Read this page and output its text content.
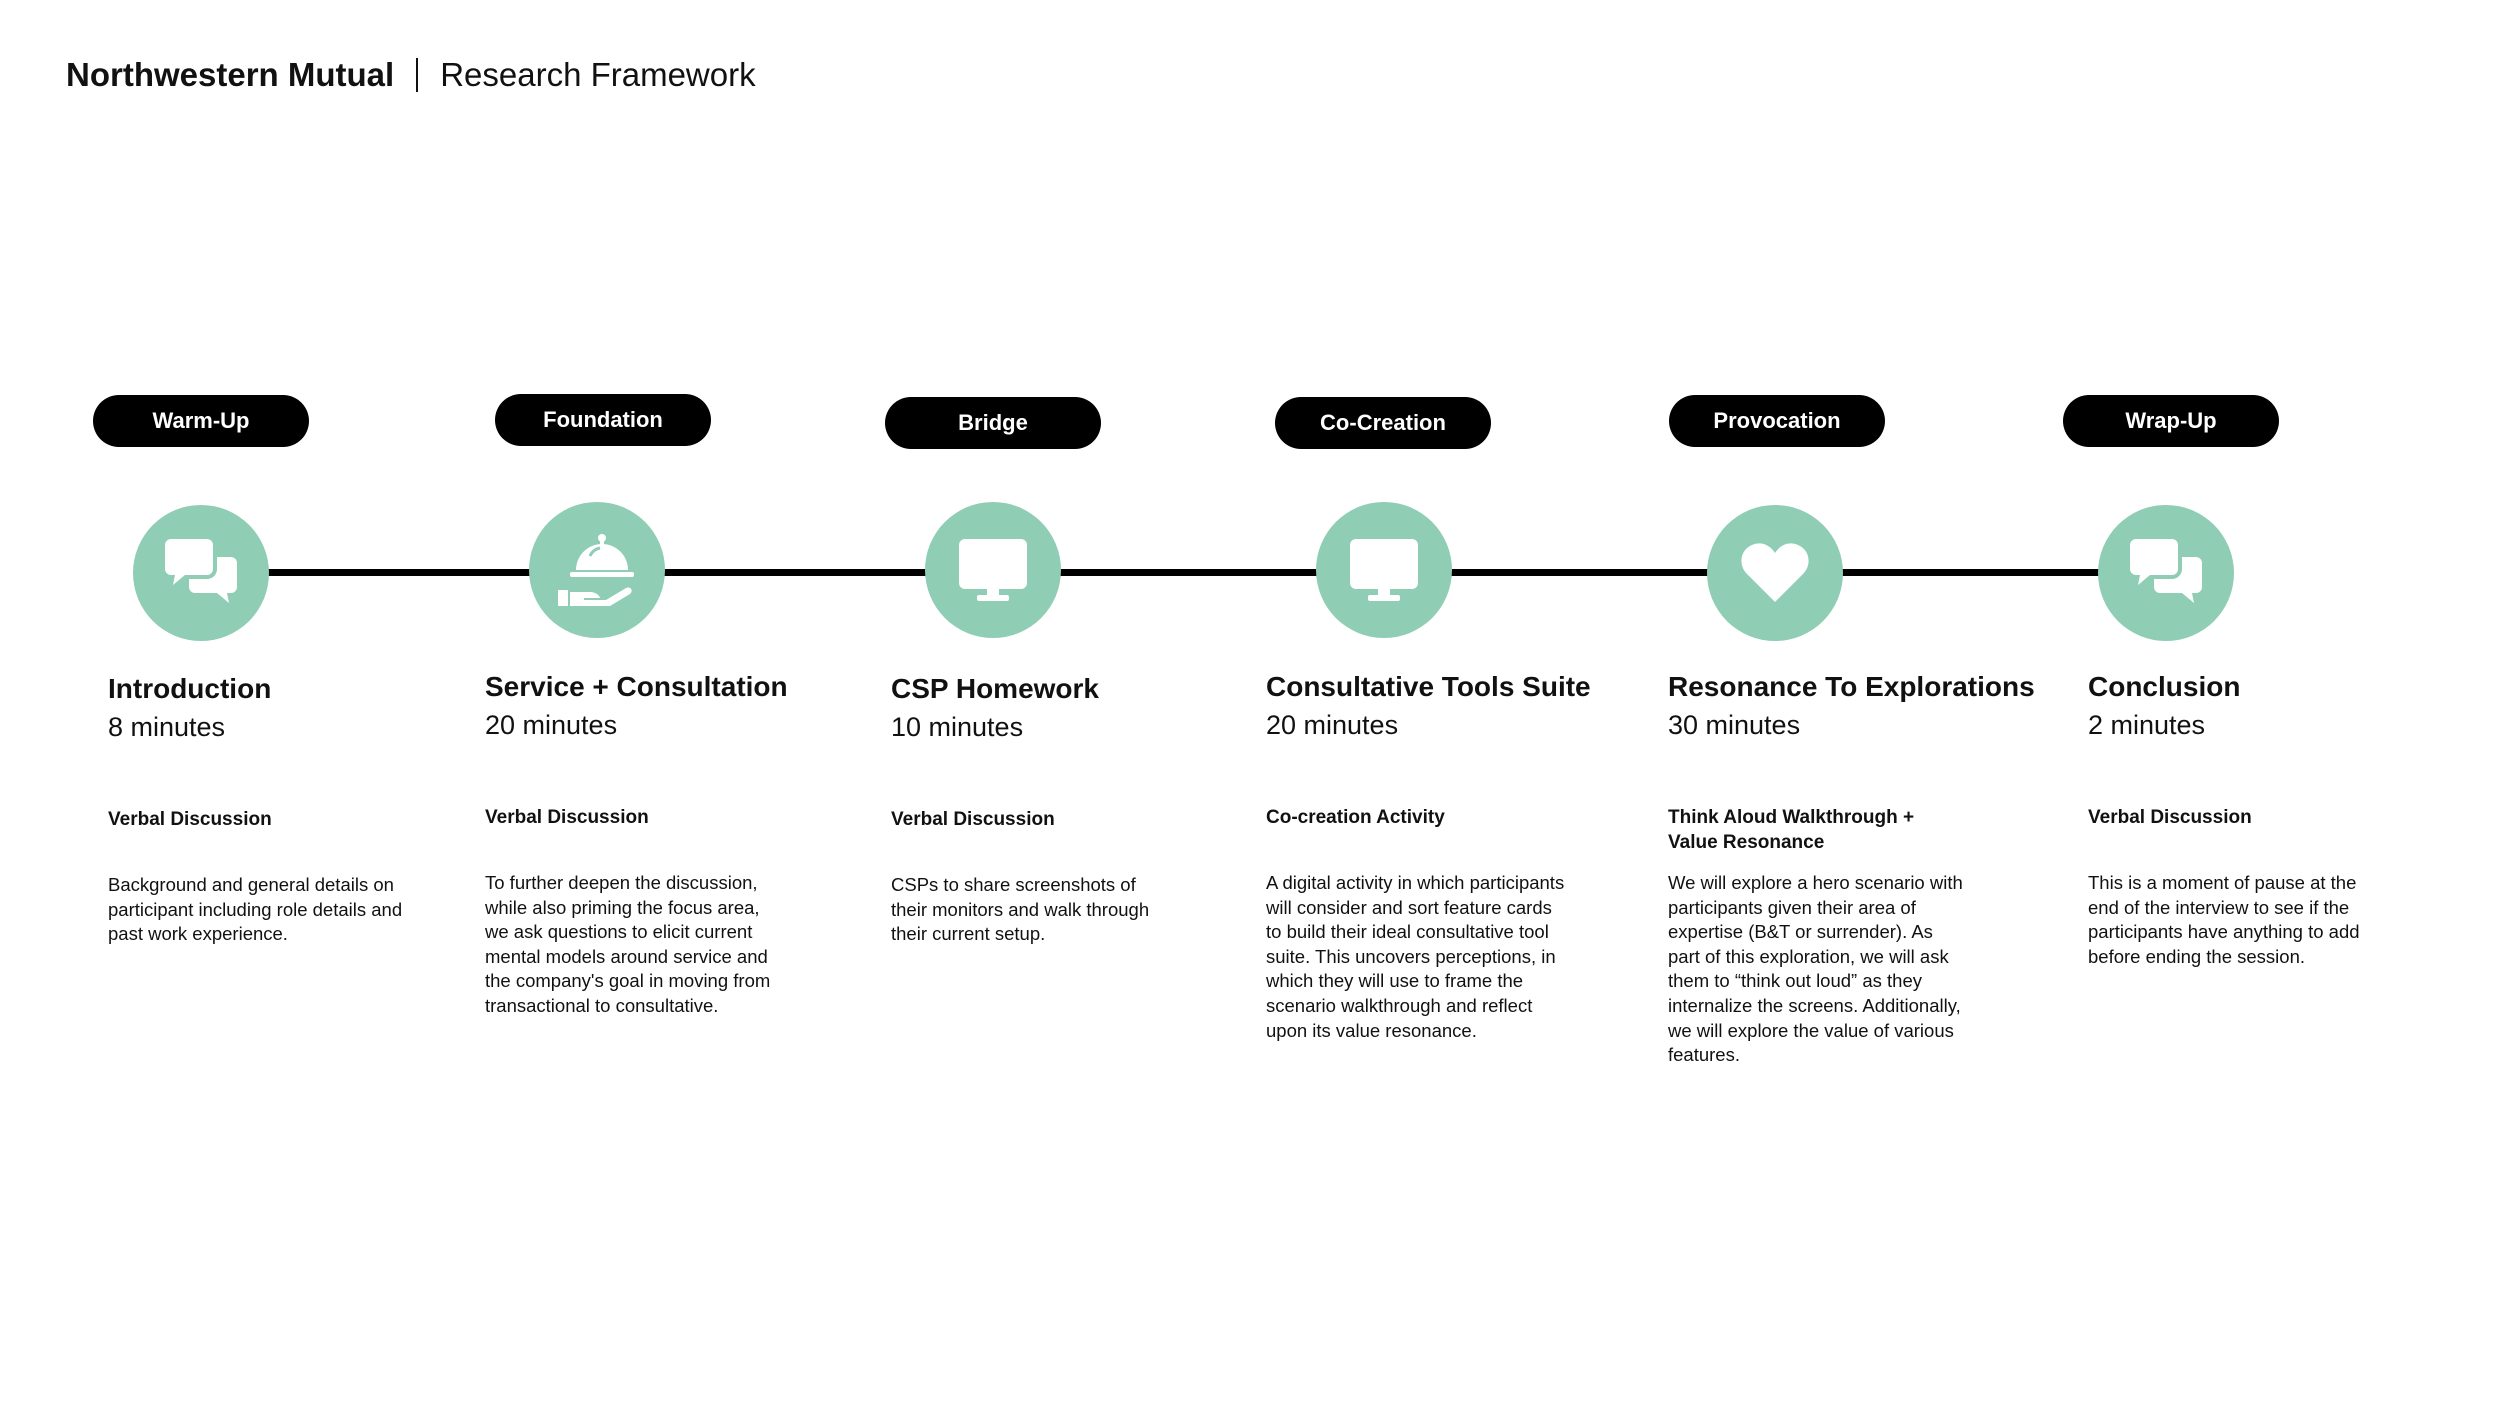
Northwestern Mutual Research Framework
Warm-Up
Introduction
8 minutes
Verbal Discussion
Background and general details on participant including role details and past work experience.
Foundation
Service + Consultation
20 minutes
Verbal Discussion
To further deepen the discussion, while also priming the focus area, we ask questions to elicit current mental models around service and the company's goal in moving from transactional to consultative.
Bridge
CSP Homework
10 minutes
Verbal Discussion
CSPs to share screenshots of their monitors and walk through their current setup.
Co-Creation
Consultative Tools Suite
20 minutes
Co-creation Activity
A digital activity in which participants will consider and sort feature cards to build their ideal consultative tool suite. This uncovers perceptions, in which they will use to frame the scenario walkthrough and reflect upon its value resonance.
Provocation
Resonance To Explorations
30 minutes
Think Aloud Walkthrough + Value Resonance
We will explore a hero scenario with participants given their area of expertise (B&T or surrender). As part of this exploration, we will ask them to “think out loud” as they internalize the screens. Additionally, we will explore the value of various features.
Wrap-Up
Conclusion
2 minutes
Verbal Discussion
This is a moment of pause at the end of the interview to see if the participants have anything to add before ending the session.
